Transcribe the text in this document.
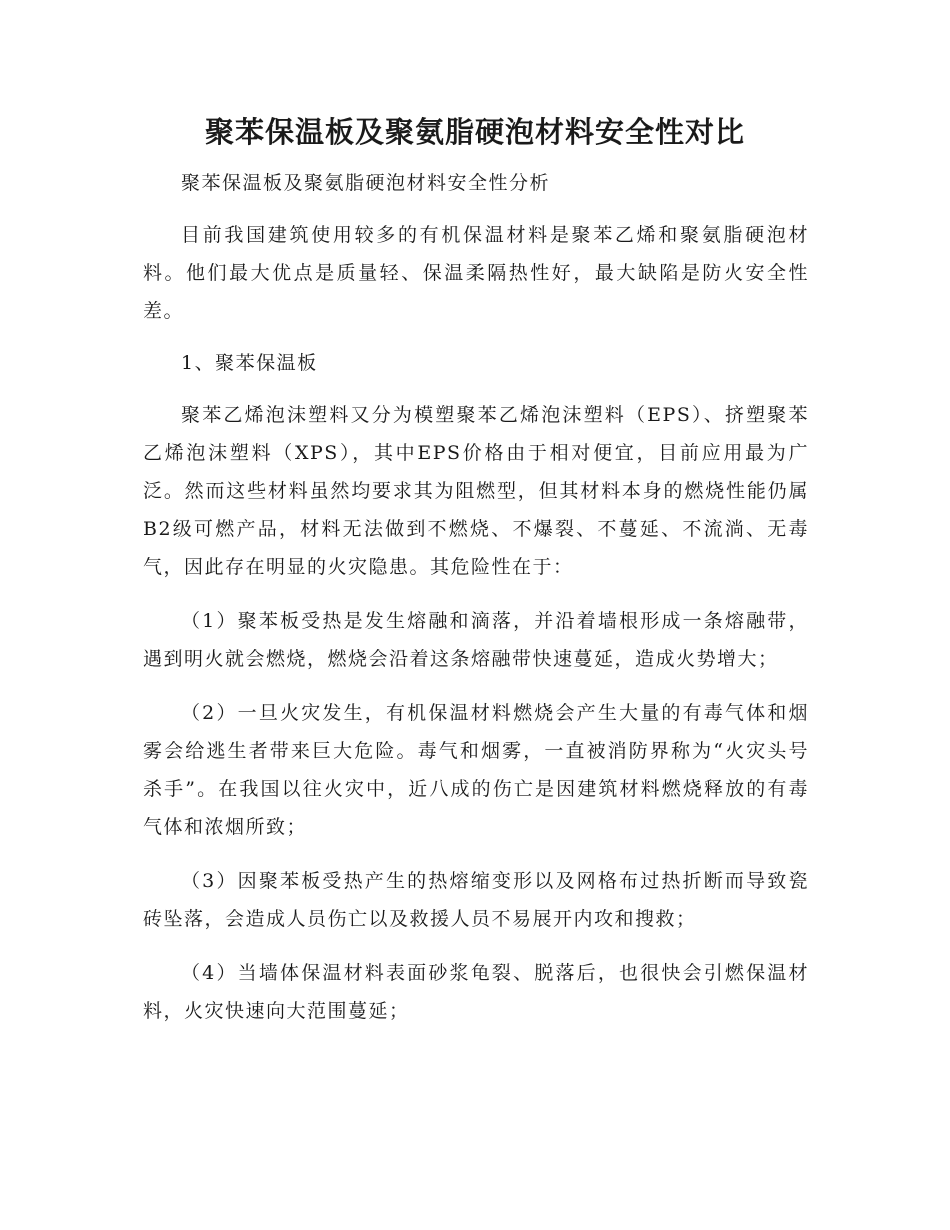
聚苯保温板及聚氨脂硬泡材料安全性对比

聚苯保温板及聚氨脂硬泡材料安全性分析

目前我国建筑使用较多的有机保温材料是聚苯乙烯和聚氨脂硬泡材料。他们最大优点是质量轻、保温柔隔热性好，最大缺陷是防火安全性差。

1、聚苯保温板

聚苯乙烯泡沫塑料又分为模塑聚苯乙烯泡沫塑料（EPS）、挤塑聚苯乙烯泡沫塑料（XPS），其中EPS价格由于相对便宜，目前应用最为广泛。然而这些材料虽然均要求其为阻燃型，但其材料本身的燃烧性能仍属B2级可燃产品，材料无法做到不燃烧、不爆裂、不蔓延、不流淌、无毒气，因此存在明显的火灾隐患。其危险性在于：

（1）聚苯板受热是发生熔融和滴落，并沿着墙根形成一条熔融带，遇到明火就会燃烧，燃烧会沿着这条熔融带快速蔓延，造成火势增大；

（2）一旦火灾发生，有机保温材料燃烧会产生大量的有毒气体和烟雾会给逃生者带来巨大危险。毒气和烟雾，一直被消防界称为“火灾头号杀手”。在我国以往火灾中，近八成的伤亡是因建筑材料燃烧释放的有毒气体和浓烟所致；

（3）因聚苯板受热产生的热熔缩变形以及网格布过热折断而导致瓷砖坠落，会造成人员伤亡以及救援人员不易展开内攻和搜救；

（4）当墙体保温材料表面砂浆龟裂、脱落后，也很快会引燃保温材料，火灾快速向大范围蔓延；
